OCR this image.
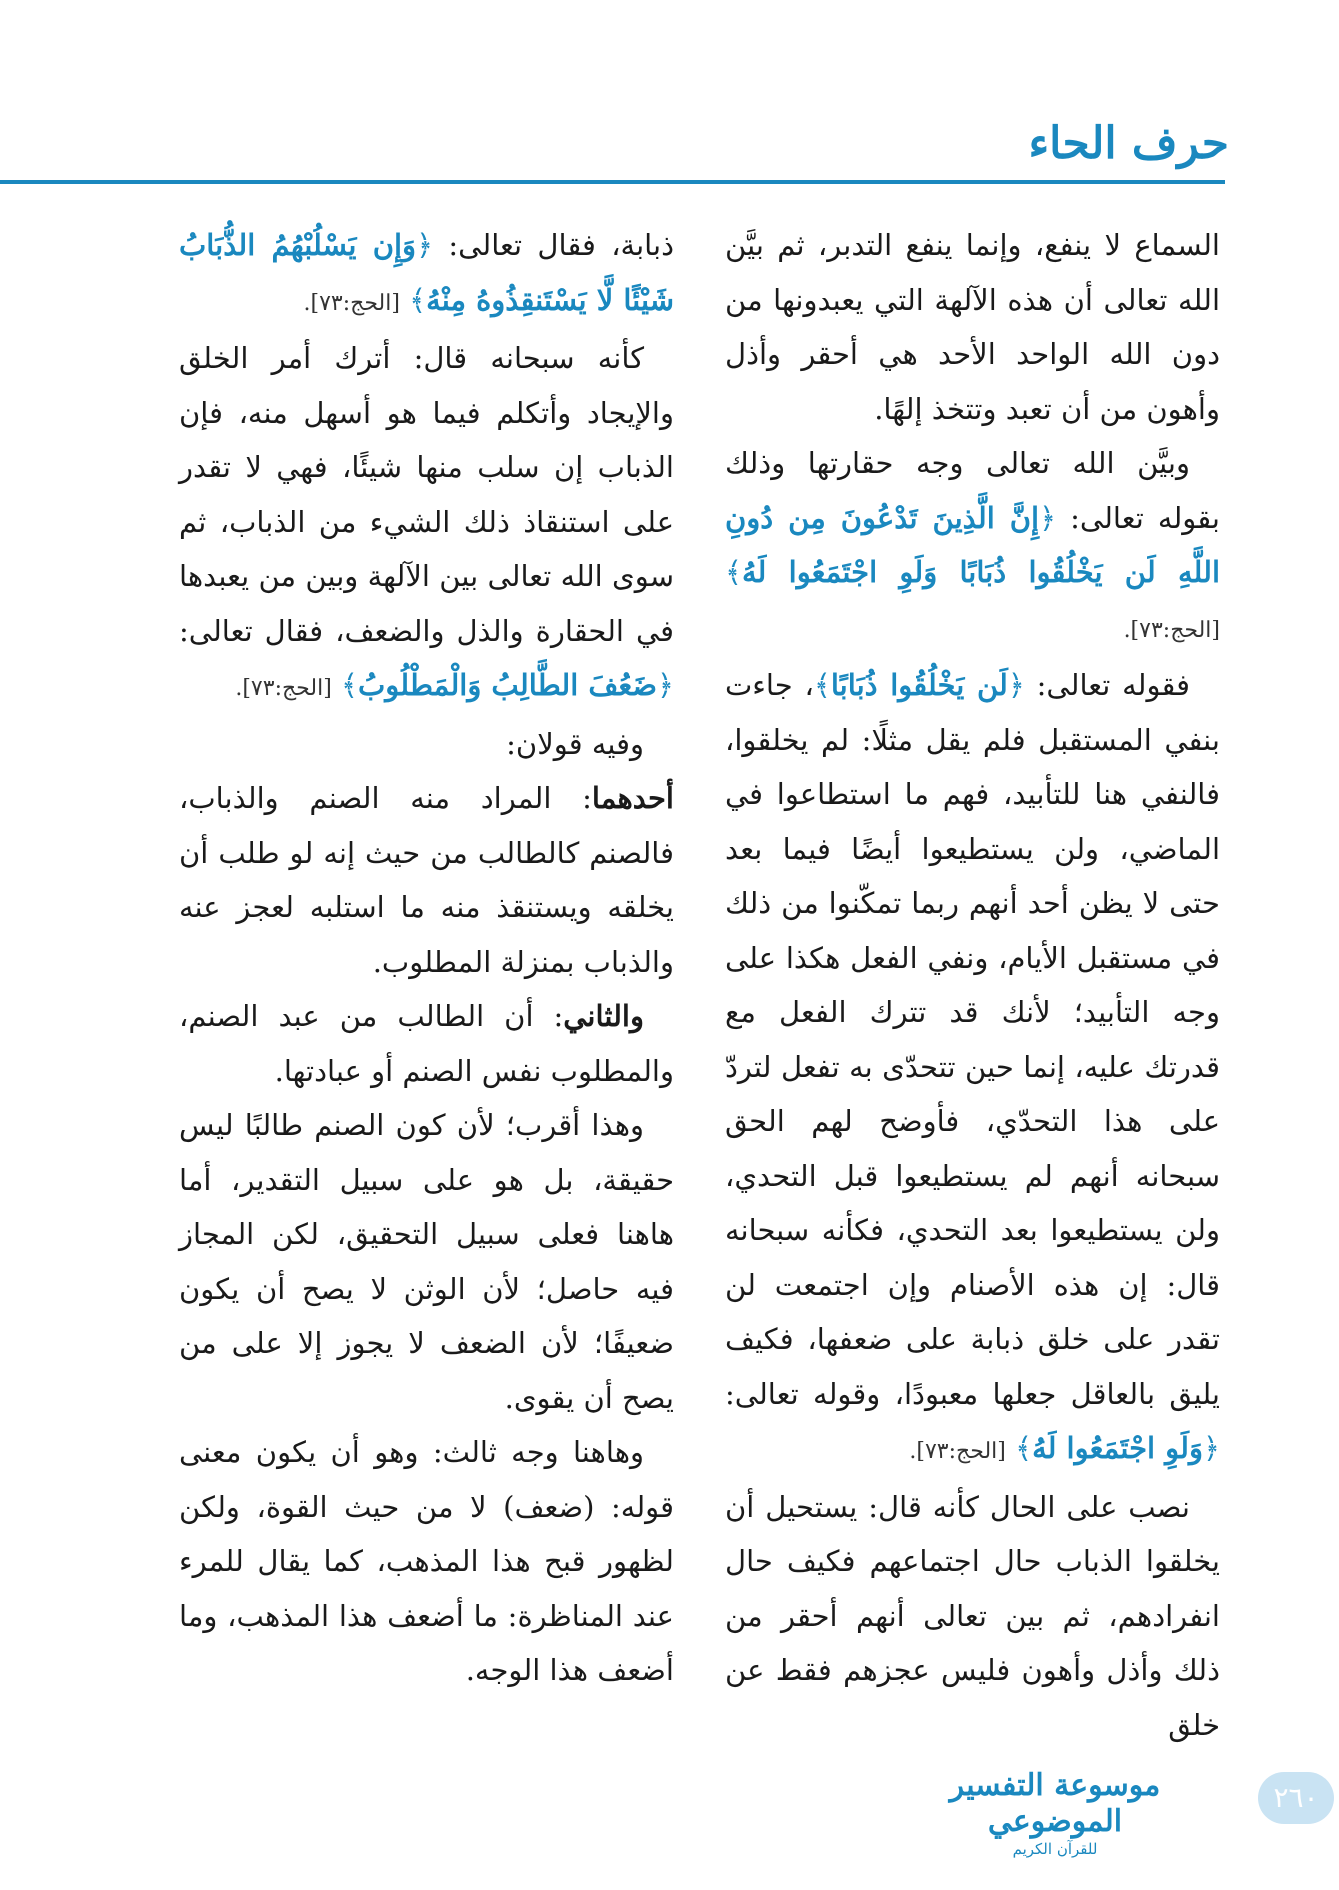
حرف الحاء

السماع لا ينفع، وإنما ينفع التدبر، ثم بيَّن الله تعالى أن هذه الآلهة التي يعبدونها من دون الله الواحد الأحد هي أحقر وأذل وأهون من أن تعبد وتتخذ إلهًا.

وبيَّن الله تعالى وجه حقارتها وذلك بقوله تعالى: ﴿إِنَّ الَّذِينَ تَدْعُونَ مِن دُونِ اللَّهِ لَن يَخْلُقُوا ذُبَابًا وَلَوِ اجْتَمَعُوا لَهُ﴾ [الحج:٧٣].

فقوله تعالى: ﴿لَن يَخْلُقُوا ذُبَابًا﴾، جاءت بنفي المستقبل فلم يقل مثلًا: لم يخلقوا، فالنفي هنا للتأبيد، فهم ما استطاعوا في الماضي، ولن يستطيعوا أيضًا فيما بعد حتى لا يظن أحد أنهم ربما تمكّنوا من ذلك في مستقبل الأيام، ونفي الفعل هكذا على وجه التأبيد؛ لأنك قد تترك الفعل مع قدرتك عليه، إنما حين تتحدّى به تفعل لتردّ على هذا التحدّي، فأوضح لهم الحق سبحانه أنهم لم يستطيعوا قبل التحدي، ولن يستطيعوا بعد التحدي، فكأنه سبحانه قال: إن هذه الأصنام وإن اجتمعت لن تقدر على خلق ذبابة على ضعفها، فكيف يليق بالعاقل جعلها معبودًا، وقوله تعالى: ﴿وَلَوِ اجْتَمَعُوا لَهُ﴾ [الحج:٧٣].

نصب على الحال كأنه قال: يستحيل أن يخلقوا الذباب حال اجتماعهم فكيف حال انفرادهم، ثم بين تعالى أنهم أحقر من ذلك وأذل وأهون فليس عجزهم فقط عن خلق

ذبابة، فقال تعالى: ﴿وَإِن يَسْلُبْهُمُ الذُّبَابُ شَيْئًا لَّا يَسْتَنقِذُوهُ مِنْهُ﴾ [الحج:٧٣].

كأنه سبحانه قال: أترك أمر الخلق والإيجاد وأتكلم فيما هو أسهل منه، فإن الذباب إن سلب منها شيئًا، فهي لا تقدر على استنقاذ ذلك الشيء من الذباب، ثم سوى الله تعالى بين الآلهة وبين من يعبدها في الحقارة والذل والضعف، فقال تعالى: ﴿ضَعُفَ الطَّالِبُ وَالْمَطْلُوبُ﴾ [الحج:٧٣].

وفيه قولان:

أحدهما: المراد منه الصنم والذباب، فالصنم كالطالب من حيث إنه لو طلب أن يخلقه ويستنقذ منه ما استلبه لعجز عنه والذباب بمنزلة المطلوب.

والثاني: أن الطالب من عبد الصنم، والمطلوب نفس الصنم أو عبادتها.

وهذا أقرب؛ لأن كون الصنم طالبًا ليس حقيقة، بل هو على سبيل التقدير، أما هاهنا فعلى سبيل التحقيق، لكن المجاز فيه حاصل؛ لأن الوثن لا يصح أن يكون ضعيفًا؛ لأن الضعف لا يجوز إلا على من يصح أن يقوى.

وهاهنا وجه ثالث: وهو أن يكون معنى قوله: (ضعف) لا من حيث القوة، ولكن لظهور قبح هذا المذهب، كما يقال للمرء عند المناظرة: ما أضعف هذا المذهب، وما أضعف هذا الوجه.

موسوعة التفسير الموضوعي
للقرآن الكريم
٢٦٠
